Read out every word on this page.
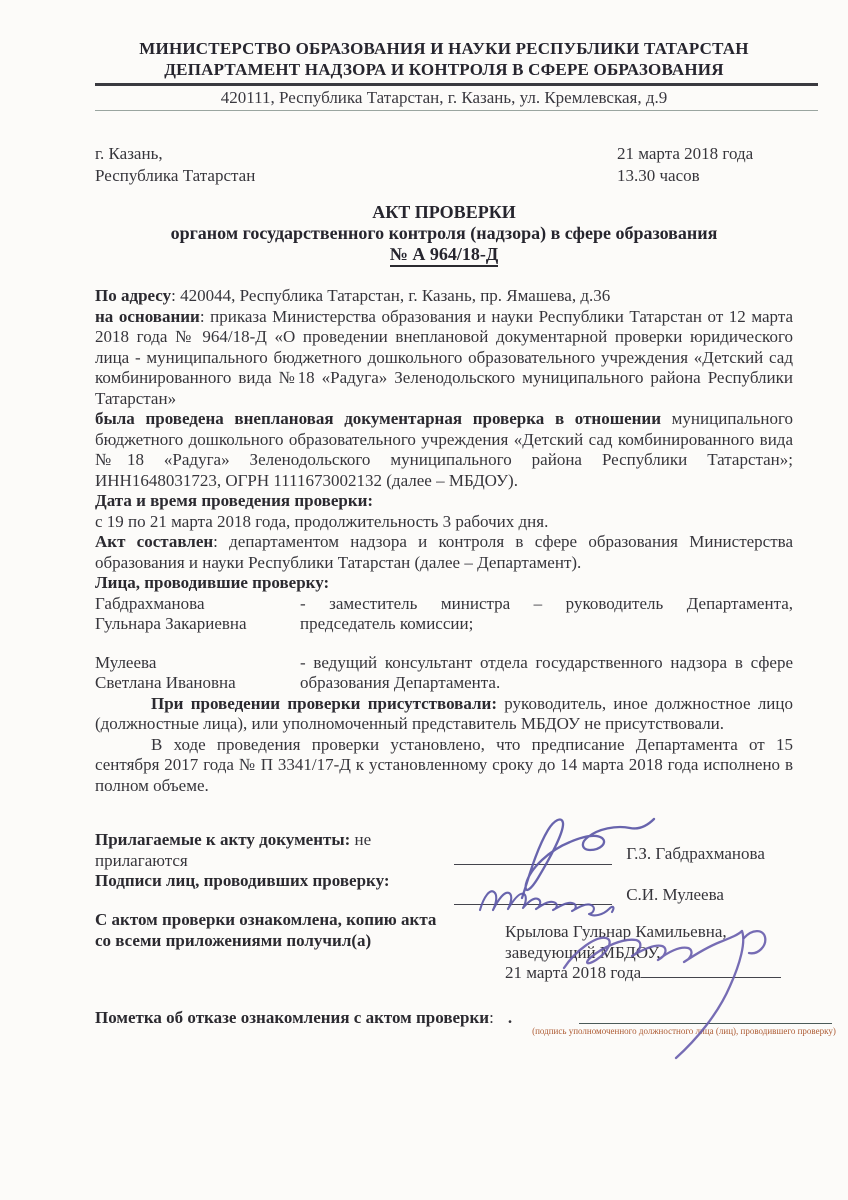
МИНИСТЕРСТВО ОБРАЗОВАНИЯ И НАУКИ РЕСПУБЛИКИ ТАТАРСТАН
ДЕПАРТАМЕНТ НАДЗОРА И КОНТРОЛЯ В СФЕРЕ ОБРАЗОВАНИЯ
420111, Республика Татарстан, г. Казань, ул. Кремлевская, д.9
г. Казань,
Республика Татарстан
21 марта 2018 года
13.30 часов
АКТ ПРОВЕРКИ
органом государственного контроля (надзора) в сфере образования
№ А 964/18-Д

По адресу: 420044, Республика Татарстан, г. Казань, пр. Ямашева, д.36

на основании: приказа Министерства образования и науки Республики Татарстан от 12 марта 2018 года № 964/18-Д «О проведении внеплановой документарной проверки юридического лица - муниципального бюджетного дошкольного образовательного учреждения «Детский сад комбинированного вида №18 «Радуга» Зеленодольского муниципального района Республики Татарстан»

была проведена внеплановая документарная проверка в отношении муниципального бюджетного дошкольного образовательного учреждения «Детский сад комбинированного вида №18 «Радуга» Зеленодольского муниципального района Республики Татарстан»; ИНН1648031723, ОГРН 1111673002132 (далее – МБДОУ).

Дата и время проведения проверки:

с 19 по 21 марта 2018 года, продолжительность 3 рабочих дня.

Акт составлен: департаментом надзора и контроля в сфере образования Министерства образования и науки Республики Татарстан (далее – Департамент).

Лица, проводившие проверку:

Габдрахманова
Гульнара Закариевна
- заместитель министра – руководитель Департамента, председатель комиссии;
Мулеева
Светлана Ивановна
- ведущий консультант отдела государственного надзора в сфере образования Департамента.

При проведении проверки присутствовали: руководитель, иное должностное лицо (должностные лица), или уполномоченный представитель МБДОУ не присутствовали.

В ходе проведения проверки установлено, что предписание Департамента от 15 сентября 2017 года № П 3341/17-Д к установленному сроку до 14 марта 2018 года исполнено в полном объеме.

Прилагаемые к акту документы: не прилагаются

Подписи лиц, проводивших проверку:

Г.З. Габдрахманова
С.И. Мулеева

С актом проверки ознакомлена, копию акта

со всеми приложениями получил(а)	Крылова Гульнар Камильевна,
заведующий МБДОУ,
21 марта 2018 года
Пометка об отказе ознакомления с актом проверки: .
(подпись уполномоченного должностного лица (лиц), проводившего проверку)
